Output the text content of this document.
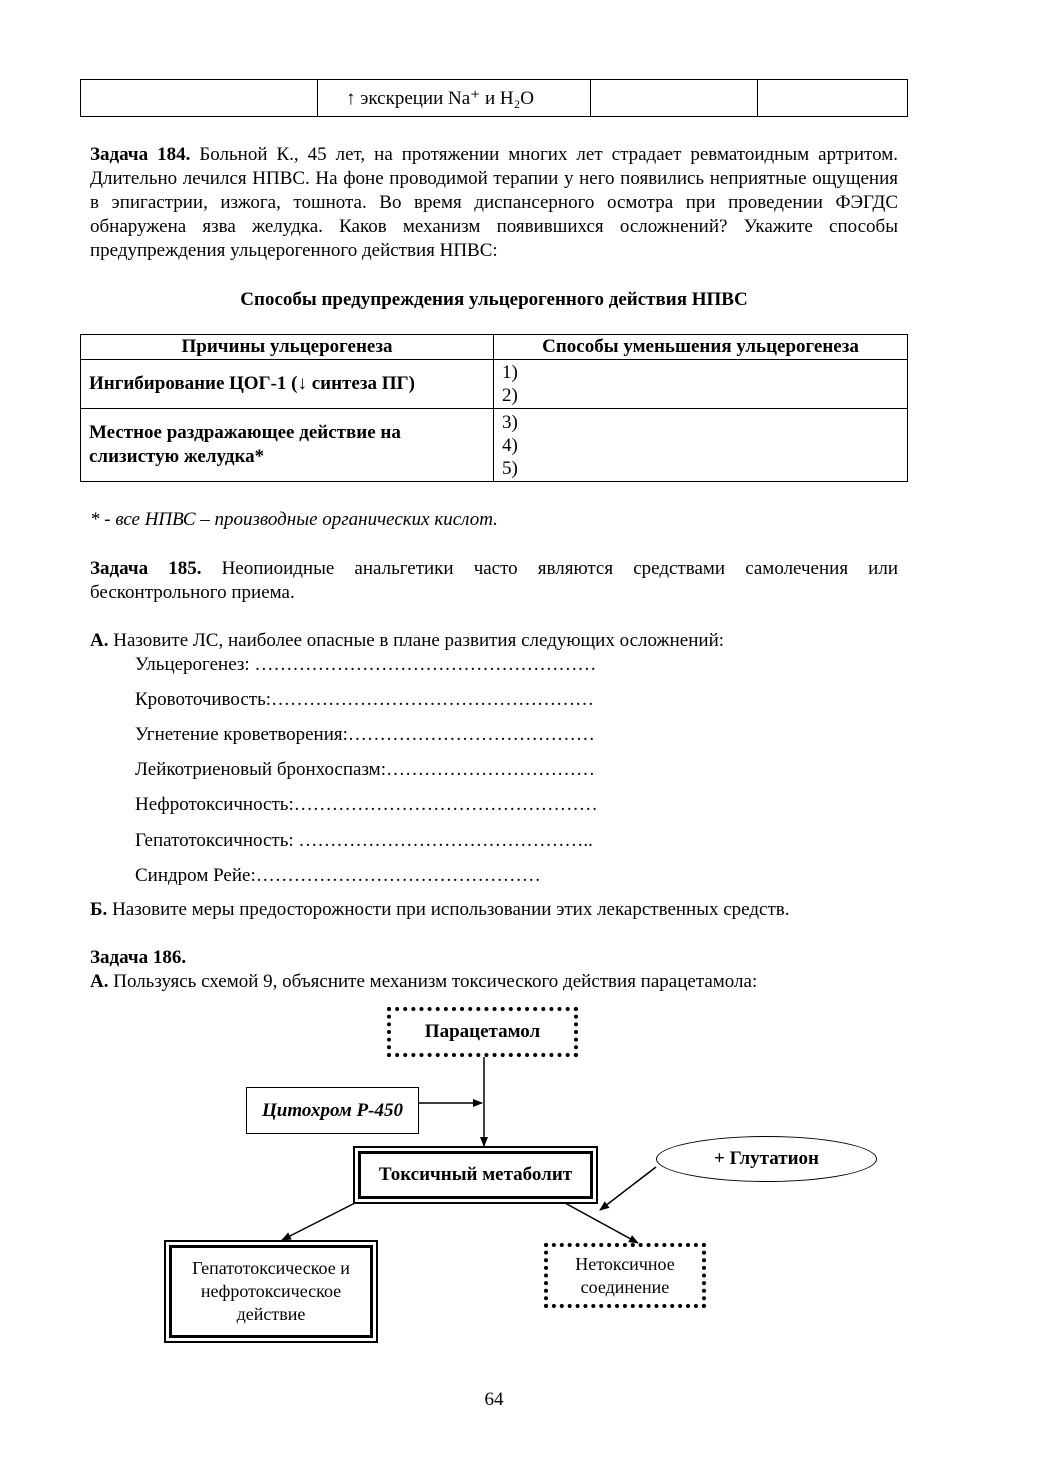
	↑ экскреции Na⁺ и H₂O		
Задача 184. Больной К., 45 лет, на протяжении многих лет страдает ревматоидным артритом. Длительно лечился НПВС. На фоне проводимой терапии у него появились неприятные ощущения в эпигастрии, изжога, тошнота. Во время диспансерного осмотра при проведении ФЭГДС обнаружена язва желудка. Каков механизм появившихся осложнений? Укажите способы предупреждения ульцерогенного действия НПВС:
Способы предупреждения ульцерогенного действия НПВС
Причины ульцерогенеза	Способы уменьшения ульцерогенеза
Ингибирование ЦОГ-1 (↓ синтеза ПГ)	1)
2)

Местное раздражающее действие на слизистую желудка*	3)
4)
5)
* - все НПВС – производные органических кислот.
Задача 185. Неопиоидные анальгетики часто являются средствами самолечения или бесконтрольного приема.
А. Назовите ЛС, наиболее опасные в плане развития следующих осложнений:
Ульцерогенез: ………………………………………………
Кровоточивость:……………………………………………
Угнетение кроветворения:…………………………………
Лейкотриеновый бронхоспазм:……………………………
Нефротоксичность:…………………………………………
Гепатотоксичность: ………………………………………..
Синдром Рейе:………………………………………
Б. Назовите меры предосторожности при использовании этих лекарственных средств.
Задача 186.
А. Пользуясь схемой 9, объясните механизм токсического действия парацетамола:
Парацетамол
Цитохром Р-450
Токсичный метаболит
+ Глутатион
Гепатотоксическое и нефротоксическое действие
Нетоксичное соединение
64
